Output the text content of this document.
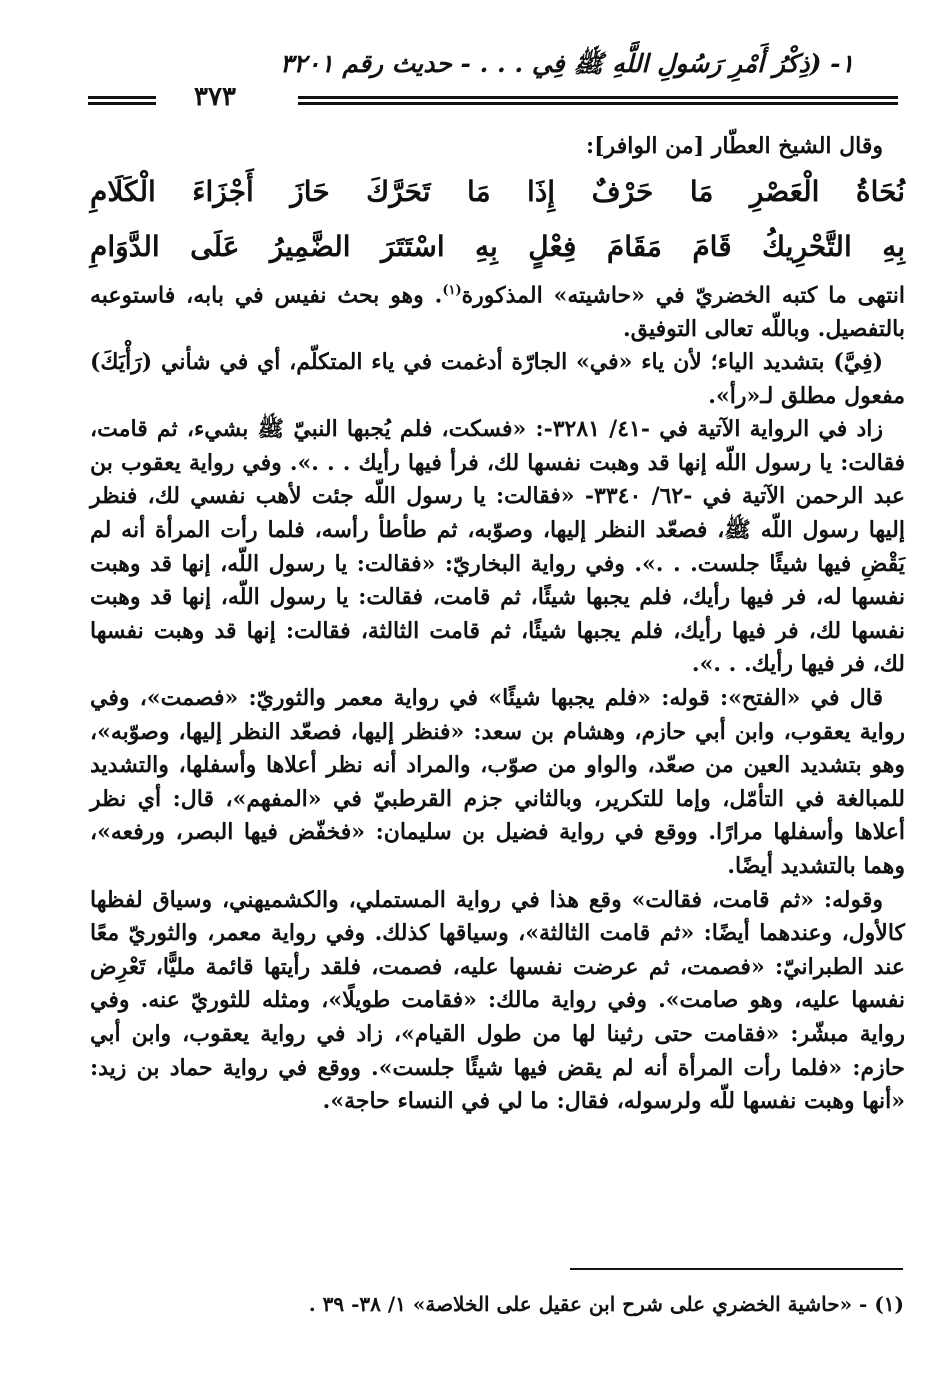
١- (ذِكْرُ أَمْرِ رَسُولِ اللَّهِ ﷺ فِي . . . - حديث رقم ٣٢٠١
٣٧٣

وقال الشيخ العطّار [من الوافر]:

نُحَاةُ الْعَصْرِ مَا حَرْفٌ إِذَا مَا تَحَرَّكَ حَازَ أَجْزَاءَ الْكَلَامِ

بِهِ التَّحْرِيكُ قَامَ مَقَامَ فِعْلٍ بِهِ اسْتَتَرَ الضَّمِيرُ عَلَى الدَّوَامِ

انتهى ما كتبه الخضريّ في «حاشيته» المذكورة$^{(١)}$. وهو بحث نفيس في بابه، فاستوعبه بالتفصيل. وباللّه تعالى التوفيق.

(فِيَّ) بتشديد الياء؛ لأن ياء «في» الجارّة أدغمت في ياء المتكلّم، أي في شأني (رَأْيَكَ) مفعول مطلق لـ«رأ».

زاد في الرواية الآتية في -٤١/ ٣٢٨١-: «فسكت، فلم يُجبها النبيّ ﷺ بشيء، ثم قامت، فقالت: يا رسول اللّه إنها قد وهبت نفسها لك، فرأ فيها رأيك . . .». وفي رواية يعقوب بن عبد الرحمن الآتية في -٦٢/ ٣٣٤٠- «فقالت: يا رسول اللّه جئت لأهب نفسي لك، فنظر إليها رسول اللّه ﷺ، فصعّد النظر إليها، وصوّبه، ثم طأطأ رأسه، فلما رأت المرأة أنه لم يَقْضِ فيها شيئًا جلست. . .». وفي رواية البخاريّ: «فقالت: يا رسول اللّه، إنها قد وهبت نفسها له، فر فيها رأيك، فلم يجبها شيئًا، ثم قامت، فقالت: يا رسول اللّه، إنها قد وهبت نفسها لك، فر فيها رأيك، فلم يجبها شيئًا، ثم قامت الثالثة، فقالت: إنها قد وهبت نفسها لك، فر فيها رأيك. . .».

قال في «الفتح»: قوله: «فلم يجبها شيئًا» في رواية معمر والثوريّ: «فصمت»، وفي رواية يعقوب، وابن أبي حازم، وهشام بن سعد: «فنظر إليها، فصعّد النظر إليها، وصوّبه»، وهو بتشديد العين من صعّد، والواو من صوّب، والمراد أنه نظر أعلاها وأسفلها، والتشديد للمبالغة في التأمّل، وإما للتكرير، وبالثاني جزم القرطبيّ في «المفهم»، قال: أي نظر أعلاها وأسفلها مرارًا. ووقع في رواية فضيل بن سليمان: «فخفّض فيها البصر، ورفعه»، وهما بالتشديد أيضًا.

وقوله: «ثم قامت، فقالت» وقع هذا في رواية المستملي، والكشميهني، وسياق لفظها كالأول، وعندهما أيضًا: «ثم قامت الثالثة»، وسياقها كذلك. وفي رواية معمر، والثوريّ معًا عند الطبرانيّ: «فصمت، ثم عرضت نفسها عليه، فصمت، فلقد رأيتها قائمة مليًّا، تَعْرِض نفسها عليه، وهو صامت». وفي رواية مالك: «فقامت طويلًا»، ومثله للثوريّ عنه. وفي رواية مبشّر: «فقامت حتى رثينا لها من طول القيام»، زاد في رواية يعقوب، وابن أبي حازم: «فلما رأت المرأة أنه لم يقض فيها شيئًا جلست». ووقع في رواية حماد بن زيد: «أنها وهبت نفسها للّه ولرسوله، فقال: ما لي في النساء حاجة».

(١) - «حاشية الخضري على شرح ابن عقيل على الخلاصة» ١/ ٣٨- ٣٩ .
